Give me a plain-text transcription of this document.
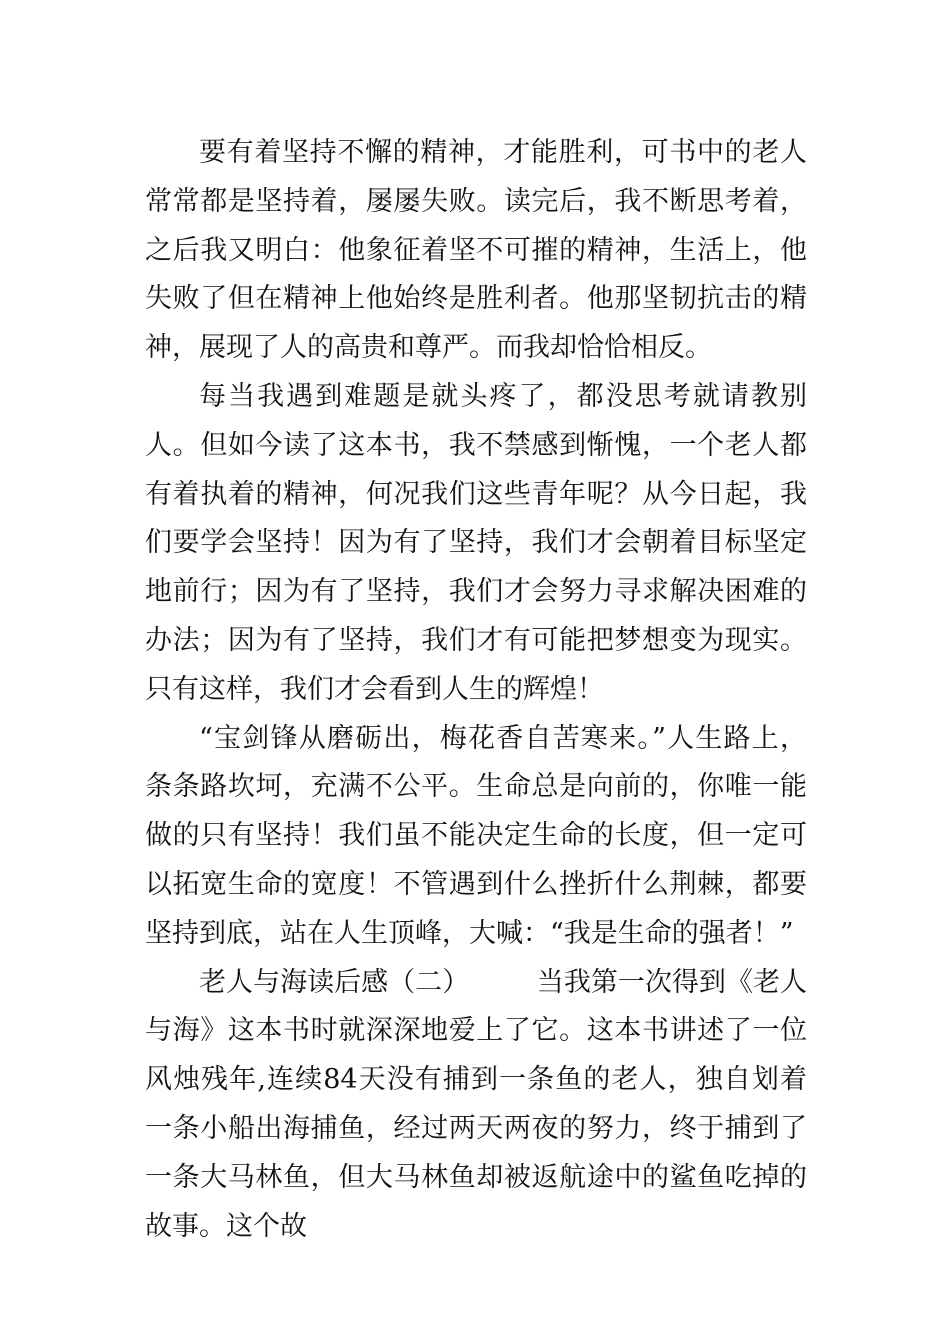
要有着坚持不懈的精神，才能胜利，可书中的老人常常都是坚持着，屡屡失败。读完后，我不断思考着，之后我又明白：他象征着坚不可摧的精神，生活上，他失败了但在精神上他始终是胜利者。他那坚韧抗击的精神，展现了人的高贵和尊严。而我却恰恰相反。

每当我遇到难题是就头疼了，都没思考就请教别人。但如今读了这本书，我不禁感到惭愧，一个老人都有着执着的精神，何况我们这些青年呢？从今日起，我们要学会坚持！因为有了坚持，我们才会朝着目标坚定地前行；因为有了坚持，我们才会努力寻求解决困难的办法；因为有了坚持，我们才有可能把梦想变为现实。只有这样，我们才会看到人生的辉煌！

“宝剑锋从磨砺出，梅花香自苦寒来。”人生路上，条条路坎坷，充满不公平。生命总是向前的，你唯一能做的只有坚持！我们虽不能决定生命的长度，但一定可以拓宽生命的宽度！不管遇到什么挫折什么荆棘，都要坚持到底，站在人生顶峰，大喊：“我是生命的强者！”

老人与海读后感（二）　　　当我第一次得到《老人与海》这本书时就深深地爱上了它。这本书讲述了一位风烛残年,连续84天没有捕到一条鱼的老人，独自划着一条小船出海捕鱼，经过两天两夜的努力，终于捕到了一条大马林鱼，但大马林鱼却被返航途中的鲨鱼吃掉的故事。这个故
